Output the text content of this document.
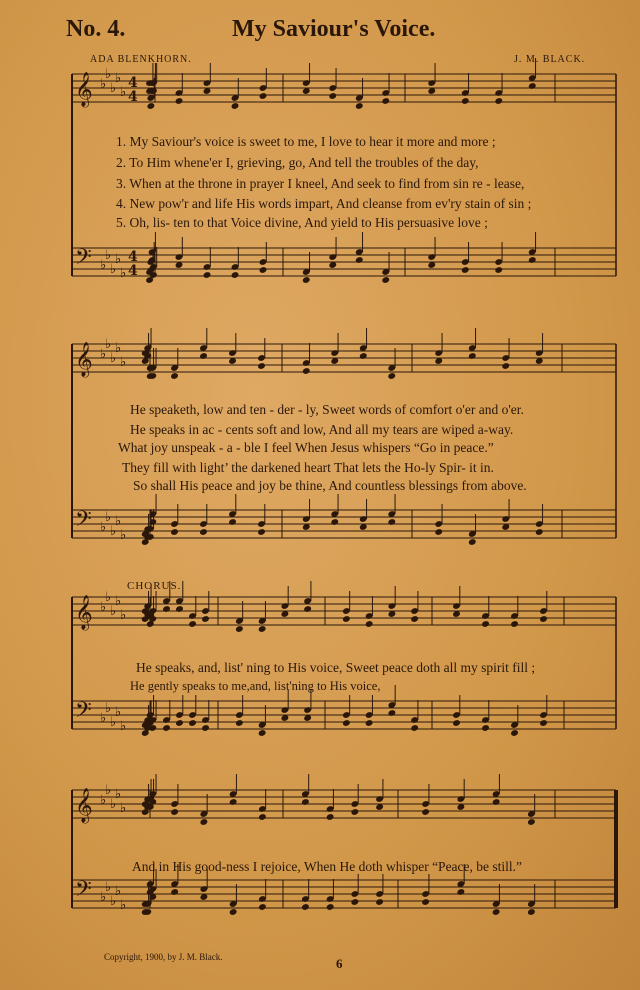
No. 4.	My Saviour's Voice.
ADA BLENKHORN.	J. M. BLACK.
𝄞 ♭
♭
♭
♭
♭
4
4
𝄢 ♭
♭
♭
♭
♭
4
4
𝄞 ♭
♭
♭
♭
♭
𝄢 ♭
♭
♭
♭
♭
𝄞 ♭
♭
♭
♭
♭
𝄢 ♭
♭
♭
♭
♭
𝄞 ♭
♭
♭
♭
♭
𝄢 ♭
♭
♭
♭
♭
1. My Saviour's voice is sweet to me, I love to hear it more and more ;
2. To Him whene'er I, grieving, go, And tell the troubles of the day,
3. When at the throne in prayer I kneel, And seek to find from sin re - lease,
4. New pow'r and life His words impart, And cleanse from ev'ry stain of sin ;
5. Oh, lis- ten to that Voice divine, And yield to His persuasive love ;
He speaketh, low and ten - der - ly, Sweet words of comfort o'er and o'er.
He speaks in ac - cents soft and low, And all my tears are wiped a-way.
What joy unspeak - a - ble I feel When Jesus whispers “Go in peace.”
They fill with light’ the darkened heart That lets the Ho-ly Spir- it in.
So shall His peace and joy be thine, And countless blessings from above.
CHORUS.
He speaks, and, list' ning to His voice, Sweet peace doth all my spirit fill ;
He gently speaks to me,and, list'ning to His voice,
And in His good-ness I rejoice, When He doth whisper “Peace, be still.”
Copyright, 1900, by J. M. Black.	6
